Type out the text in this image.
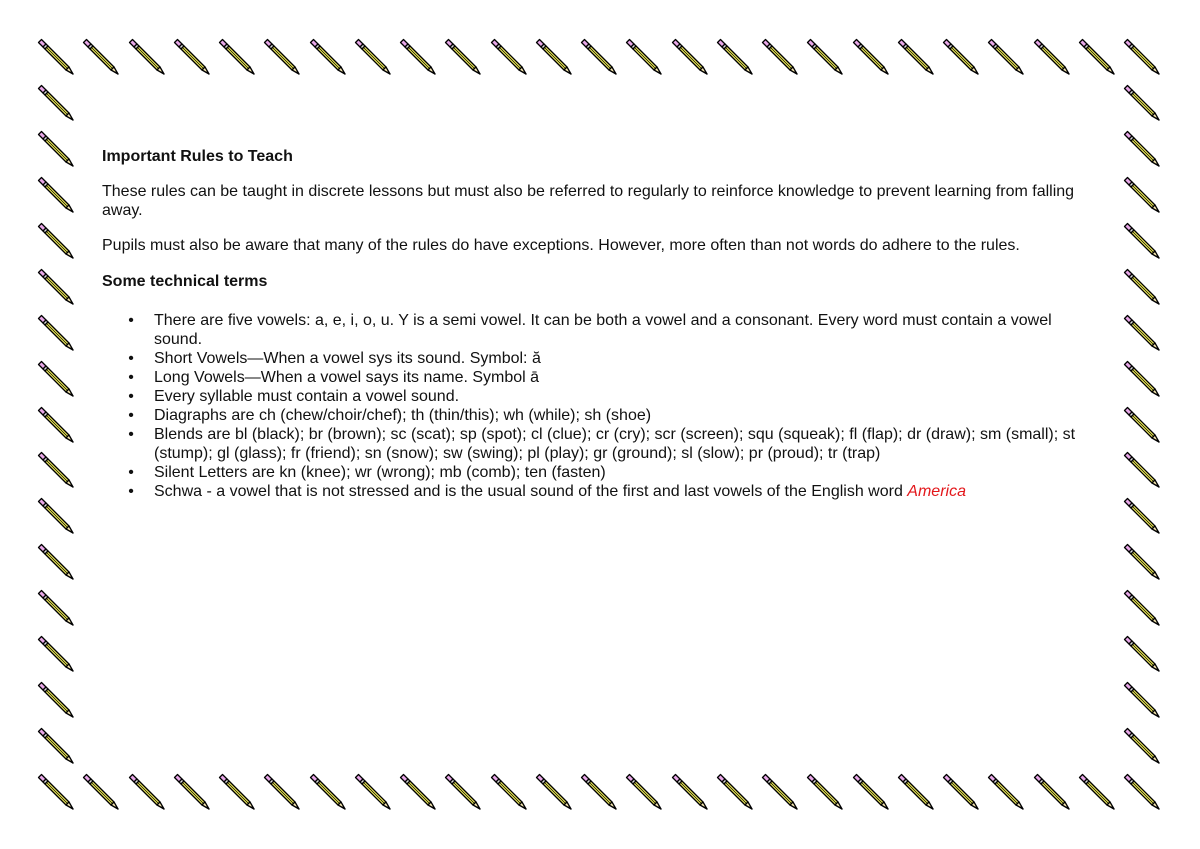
Important Rules to Teach

These rules can be taught in discrete lessons but must also be referred to regularly to reinforce knowledge to prevent learning from falling away.

Pupils must also be aware that many of the rules do have exceptions. However, more often than not words do adhere to the rules.

Some technical terms
• There are five vowels: a, e, i, o, u. Y is a semi vowel. It can be both a vowel and a consonant. Every word must contain a vowel sound.
• Short Vowels—When a vowel sys its sound. Symbol: ă
• Long Vowels—When a vowel says its name. Symbol ā
• Every syllable must contain a vowel sound.
• Diagraphs are ch (chew/choir/chef); th (thin/this); wh (while); sh (shoe)
• Blends are bl (black); br (brown); sc (scat); sp (spot); cl (clue); cr (cry); scr (screen); squ (squeak); fl (flap); dr (draw); sm (small); st (stump); gl (glass); fr (friend); sn (snow); sw (swing); pl (play); gr (ground); sl (slow); pr (proud); tr (trap)
• Silent Letters are kn (knee); wr (wrong); mb (comb); ten (fasten)
• Schwa - a vowel that is not stressed and is the usual sound of the first and last vowels of the English word America
